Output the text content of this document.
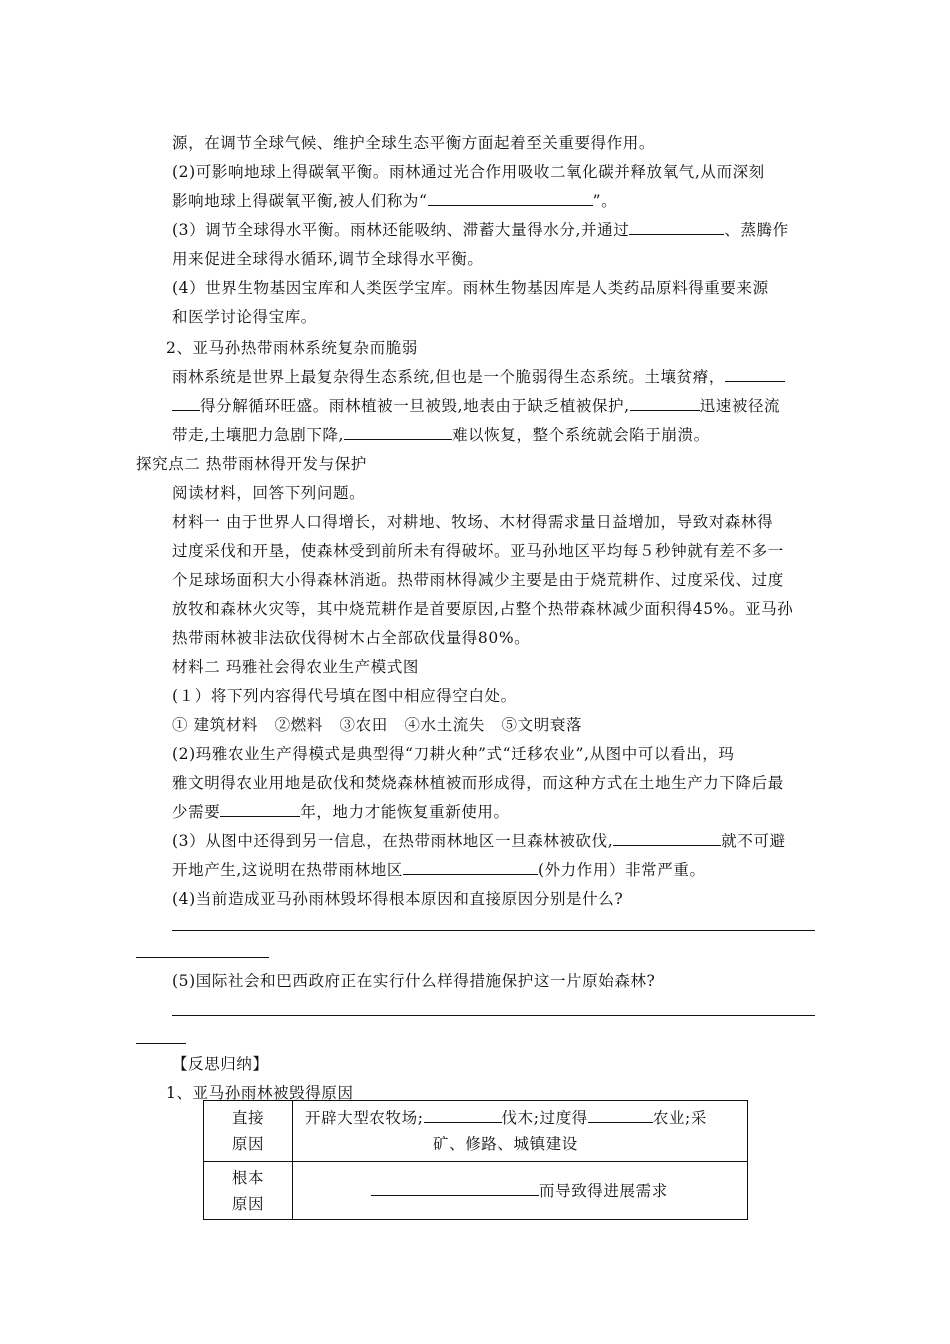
源，在调节全球气候、维护全球生态平衡方面起着至关重要得作用。
(2)可影响地球上得碳氧平衡。雨林通过光合作用吸收二氧化碳并释放氧气,从而深刻
影响地球上得碳氧平衡,被人们称为“	”。
(3）调节全球得水平衡。雨林还能吸纳、滞蓄大量得水分,并通过	、蒸腾作
用来促进全球得水循环,调节全球得水平衡。
(4）世界生物基因宝库和人类医学宝库。雨林生物基因库是人类药品原料得重要来源
和医学讨论得宝库。
2、亚马孙热带雨林系统复杂而脆弱
雨林系统是世界上最复杂得生态系统,但也是一个脆弱得生态系统。土壤贫瘠，
得分解循环旺盛。雨林植被一旦被毁,地表由于缺乏植被保护,	迅速被径流
带走,土壤肥力急剧下降,	难以恢复，整个系统就会陷于崩溃。
探究点二 热带雨林得开发与保护
阅读材料，回答下列问题。
材料一 由于世界人口得增长，对耕地、牧场、木材得需求量日益增加，导致对森林得
过度采伐和开垦，使森林受到前所未有得破坏。亚马孙地区平均每５秒钟就有差不多一
个足球场面积大小得森林消逝。热带雨林得减少主要是由于烧荒耕作、过度采伐、过度
放牧和森林火灾等，其中烧荒耕作是首要原因,占整个热带森林减少面积得45%。亚马孙
热带雨林被非法砍伐得树木占全部砍伐量得80%。
材料二 玛雅社会得农业生产模式图
(１）将下列内容得代号填在图中相应得空白处。
① 建筑材料 ②燃料 ③农田 ④水土流失 ⑤文明衰落
(2)玛雅农业生产得模式是典型得“刀耕火种”式“迁移农业”,从图中可以看出，玛
雅文明得农业用地是砍伐和焚烧森林植被而形成得，而这种方式在土地生产力下降后最
少需要	年，地力才能恢复重新使用。
(3）从图中还得到另一信息，在热带雨林地区一旦森林被砍伐,	就不可避
开地产生,这说明在热带雨林地区	(外力作用）非常严重。
(4)当前造成亚马孙雨林毁坏得根本原因和直接原因分别是什么?
(5)国际社会和巴西政府正在实行什么样得措施保护这一片原始森林?
【反思归纳】
1、亚马孙雨林被毁得原因
直接
原因	开辟大型农牧场; 伐木;过度得 农业;采
矿、修路、城镇建设
根本
原因	而导致得进展需求
